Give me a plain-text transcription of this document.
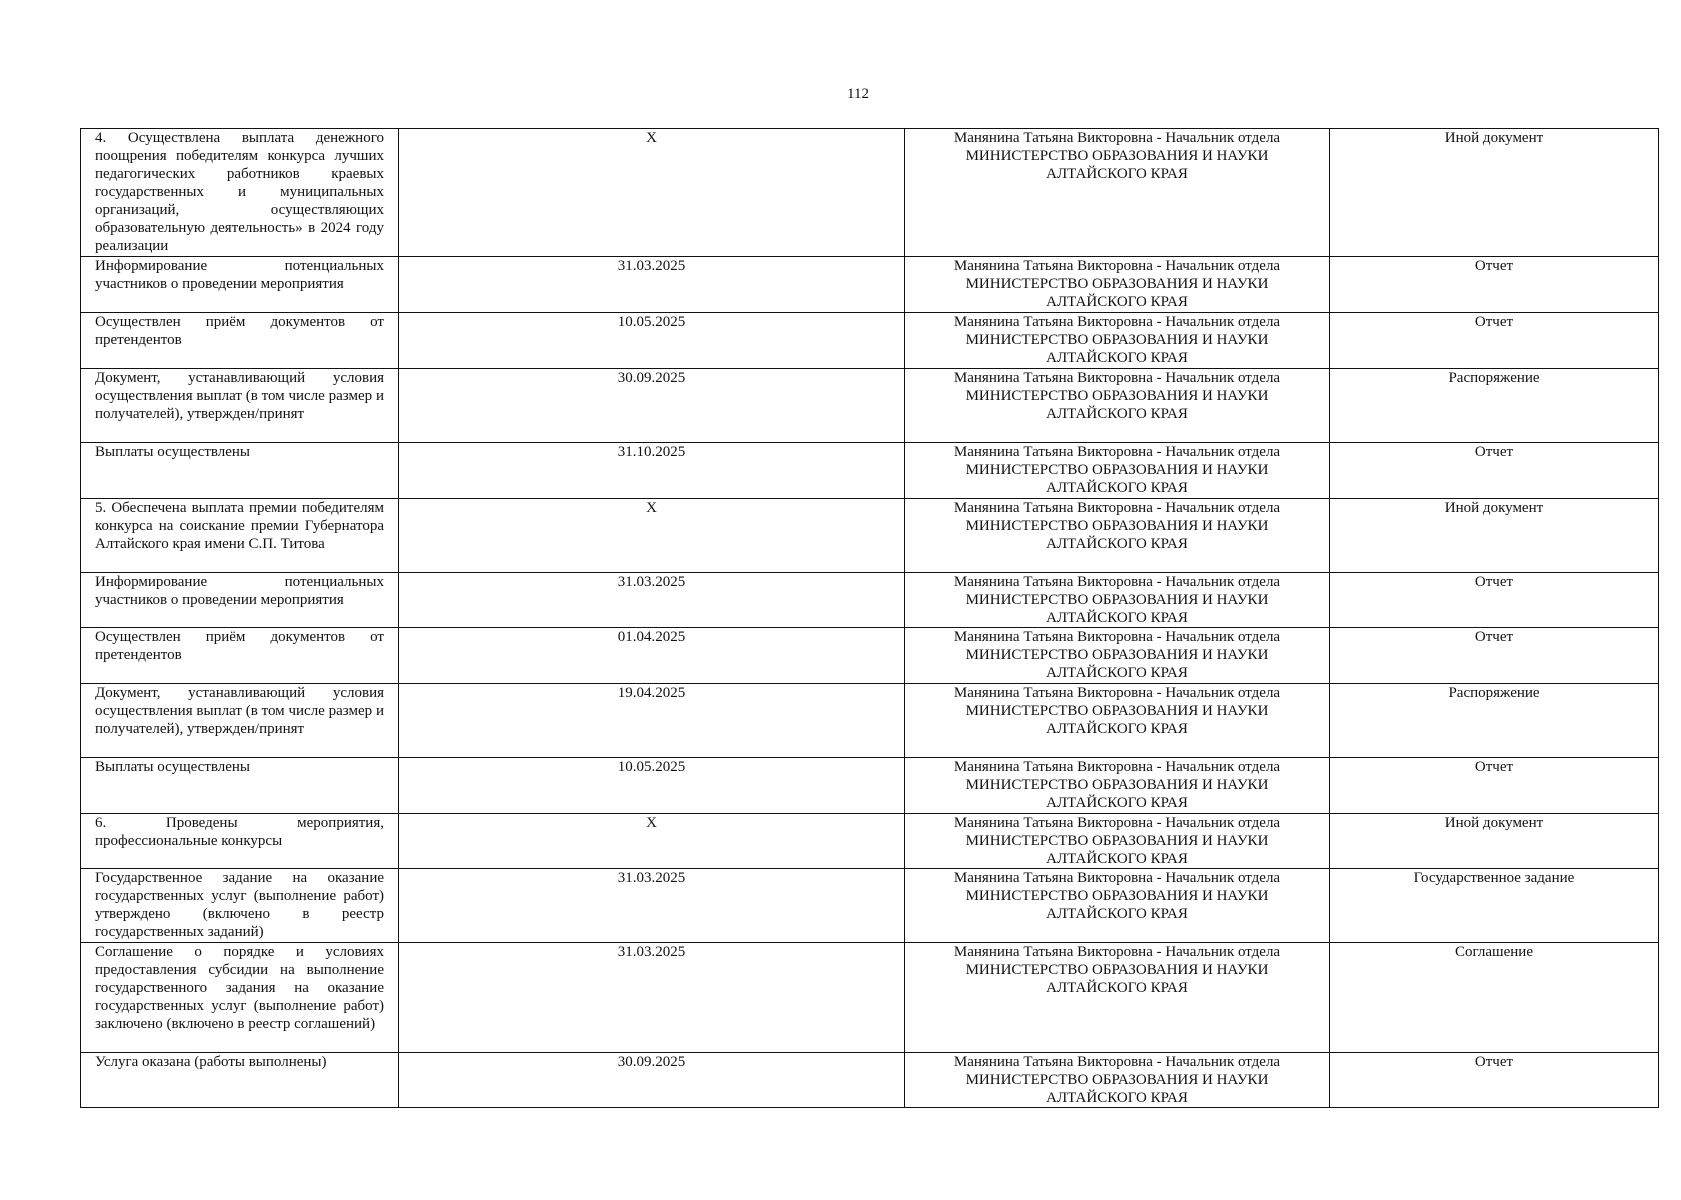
112
4. Осуществлена выплата денежного поощрения победителям конкурса лучших педагогических работников краевых государственных и муниципальных организаций, осуществляющих образовательную деятельность» в 2024 году реализации	X	Манянина Татьяна Викторовна - Начальник отдела МИНИСТЕРСТВО ОБРАЗОВАНИЯ И НАУКИ АЛТАЙСКОГО КРАЯ	Иной документ
Информирование потенциальных участников о проведении мероприятия	31.03.2025	Манянина Татьяна Викторовна - Начальник отдела МИНИСТЕРСТВО ОБРАЗОВАНИЯ И НАУКИ АЛТАЙСКОГО КРАЯ	Отчет
Осуществлен приём документов от претендентов	10.05.2025	Манянина Татьяна Викторовна - Начальник отдела МИНИСТЕРСТВО ОБРАЗОВАНИЯ И НАУКИ АЛТАЙСКОГО КРАЯ	Отчет
Документ, устанавливающий условия осуществления выплат (в том числе размер и получателей), утвержден/принят	30.09.2025	Манянина Татьяна Викторовна - Начальник отдела МИНИСТЕРСТВО ОБРАЗОВАНИЯ И НАУКИ АЛТАЙСКОГО КРАЯ	Распоряжение
Выплаты осуществлены	31.10.2025	Манянина Татьяна Викторовна - Начальник отдела МИНИСТЕРСТВО ОБРАЗОВАНИЯ И НАУКИ АЛТАЙСКОГО КРАЯ	Отчет
5. Обеспечена выплата премии победителям конкурса на соискание премии Губернатора Алтайского края имени С.П. Титова	X	Манянина Татьяна Викторовна - Начальник отдела МИНИСТЕРСТВО ОБРАЗОВАНИЯ И НАУКИ АЛТАЙСКОГО КРАЯ	Иной документ
Информирование потенциальных участников о проведении мероприятия	31.03.2025	Манянина Татьяна Викторовна - Начальник отдела МИНИСТЕРСТВО ОБРАЗОВАНИЯ И НАУКИ АЛТАЙСКОГО КРАЯ	Отчет
Осуществлен приём документов от претендентов	01.04.2025	Манянина Татьяна Викторовна - Начальник отдела МИНИСТЕРСТВО ОБРАЗОВАНИЯ И НАУКИ АЛТАЙСКОГО КРАЯ	Отчет
Документ, устанавливающий условия осуществления выплат (в том числе размер и получателей), утвержден/принят	19.04.2025	Манянина Татьяна Викторовна - Начальник отдела МИНИСТЕРСТВО ОБРАЗОВАНИЯ И НАУКИ АЛТАЙСКОГО КРАЯ	Распоряжение
Выплаты осуществлены	10.05.2025	Манянина Татьяна Викторовна - Начальник отдела МИНИСТЕРСТВО ОБРАЗОВАНИЯ И НАУКИ АЛТАЙСКОГО КРАЯ	Отчет
6. Проведены мероприятия, профессиональные конкурсы	X	Манянина Татьяна Викторовна - Начальник отдела МИНИСТЕРСТВО ОБРАЗОВАНИЯ И НАУКИ АЛТАЙСКОГО КРАЯ	Иной документ
Государственное задание на оказание государственных услуг (выполнение работ) утверждено (включено в реестр государственных заданий)	31.03.2025	Манянина Татьяна Викторовна - Начальник отдела МИНИСТЕРСТВО ОБРАЗОВАНИЯ И НАУКИ АЛТАЙСКОГО КРАЯ	Государственное задание
Соглашение о порядке и условиях предоставления субсидии на выполнение государственного задания на оказание государственных услуг (выполнение работ) заключено (включено в реестр соглашений)	31.03.2025	Манянина Татьяна Викторовна - Начальник отдела МИНИСТЕРСТВО ОБРАЗОВАНИЯ И НАУКИ АЛТАЙСКОГО КРАЯ	Соглашение
Услуга оказана (работы выполнены)	30.09.2025	Манянина Татьяна Викторовна - Начальник отдела МИНИСТЕРСТВО ОБРАЗОВАНИЯ И НАУКИ АЛТАЙСКОГО КРАЯ	Отчет
